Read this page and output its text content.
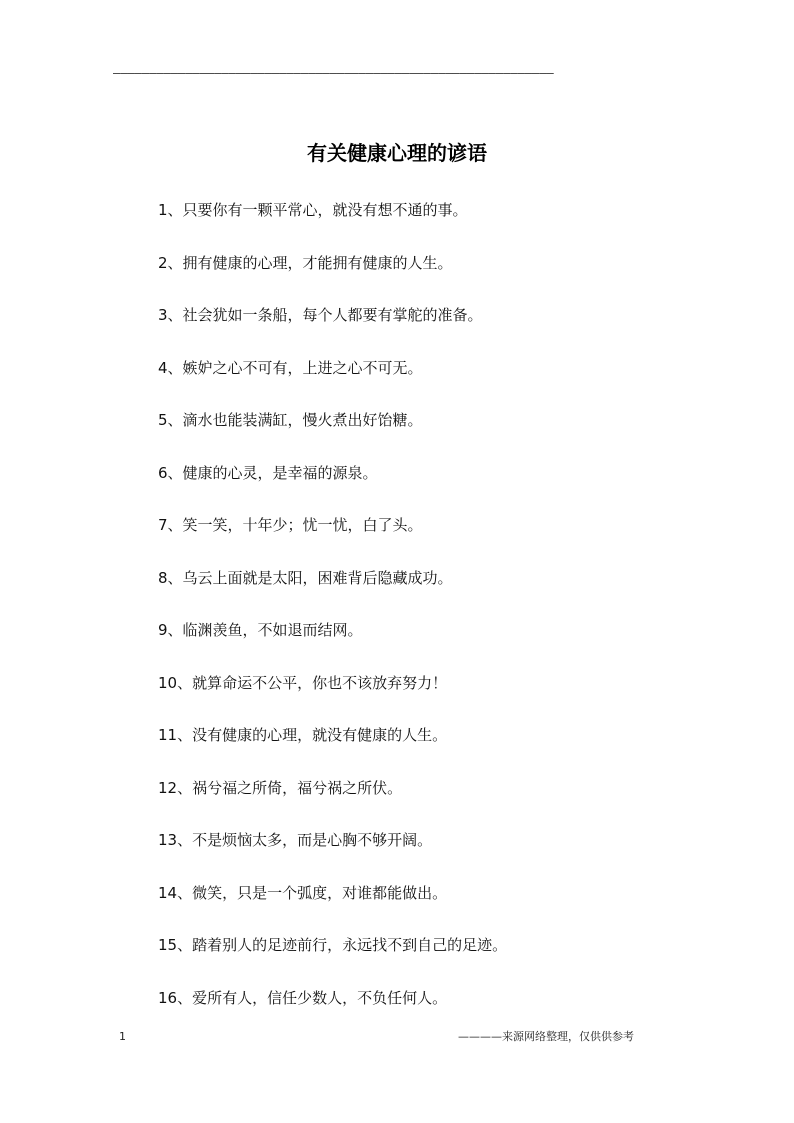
–––––––––––––––––––––––––––––––––––––––––––––––––––––––––––––
有关健康心理的谚语
1、只要你有一颗平常心，就没有想不通的事。
2、拥有健康的心理，才能拥有健康的人生。
3、社会犹如一条船，每个人都要有掌舵的准备。
4、嫉妒之心不可有，上进之心不可无。
5、滴水也能装满缸，慢火煮出好饴糖。
6、健康的心灵，是幸福的源泉。
7、笑一笑，十年少；忧一忧，白了头。
8、乌云上面就是太阳，困难背后隐藏成功。
9、临渊羡鱼，不如退而结网。
10、就算命运不公平，你也不该放弃努力！
11、没有健康的心理，就没有健康的人生。
12、祸兮福之所倚，福兮祸之所伏。
13、不是烦恼太多，而是心胸不够开阔。
14、微笑，只是一个弧度，对谁都能做出。
15、踏着别人的足迹前行，永远找不到自己的足迹。
16、爱所有人，信任少数人，不负任何人。
1	————来源网络整理，仅供供参考
